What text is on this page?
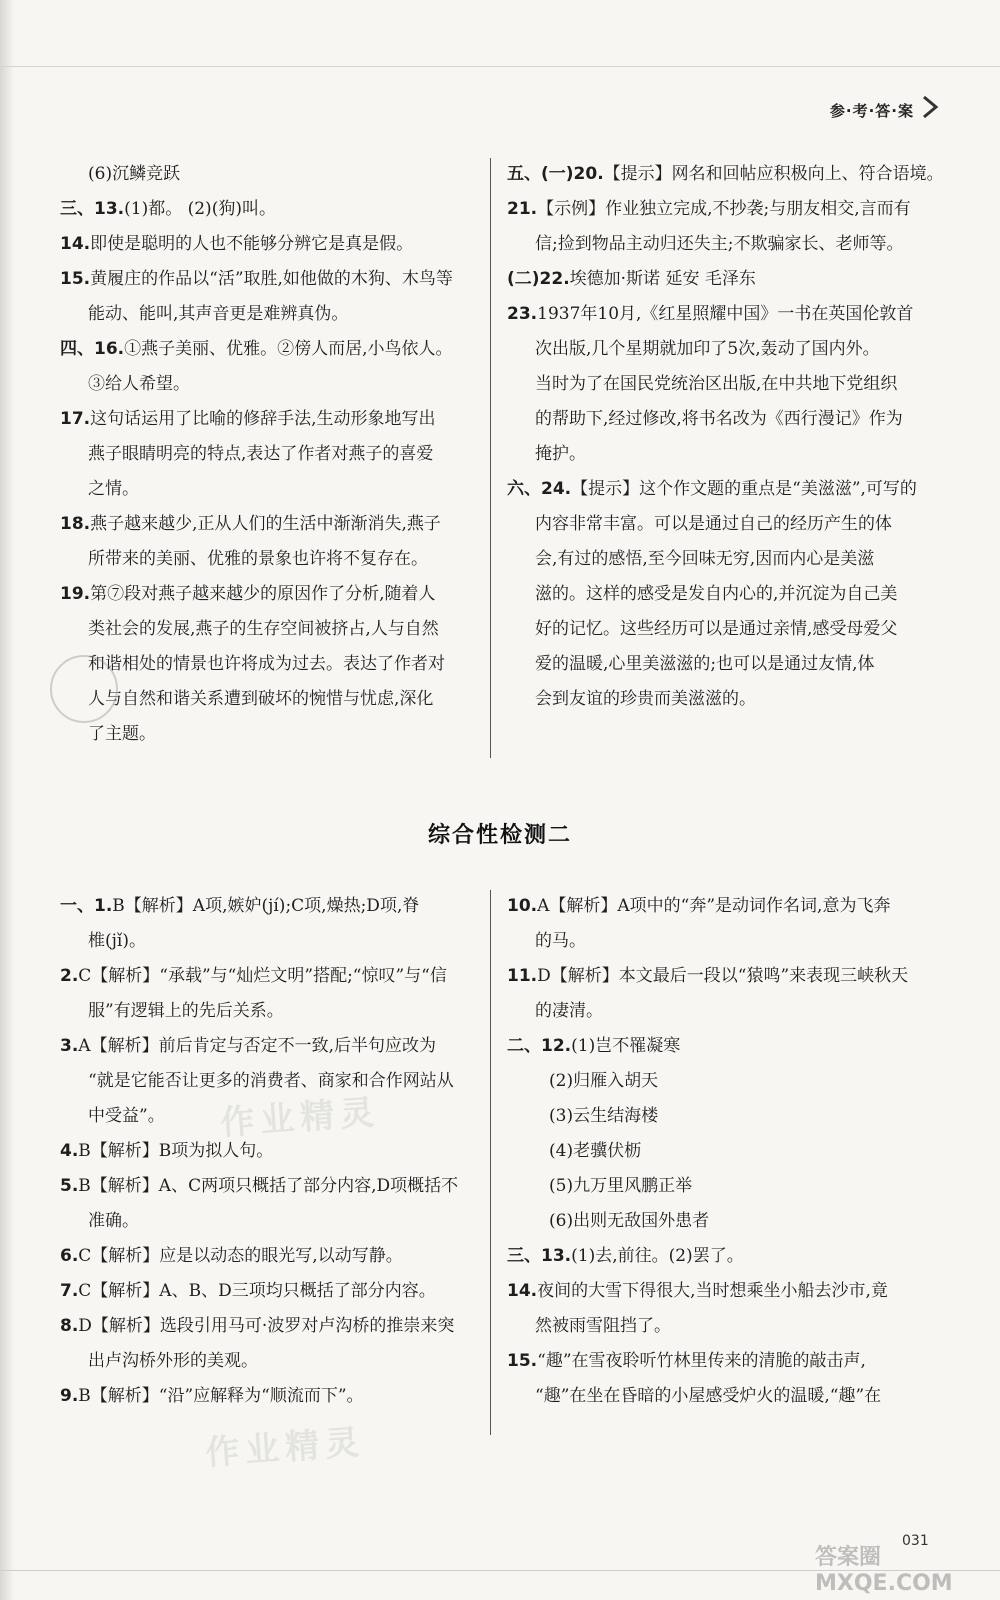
参·考·答·案
(6)沉鳞竞跃
三、13.(1)都。 (2)(狗)叫。
14.即使是聪明的人也不能够分辨它是真是假。
15.黄履庄的作品以“活”取胜,如他做的木狗、木鸟等
能动、能叫,其声音更是难辨真伪。
四、16.①燕子美丽、优雅。②傍人而居,小鸟依人。
③给人希望。
17.这句话运用了比喻的修辞手法,生动形象地写出
燕子眼睛明亮的特点,表达了作者对燕子的喜爱
之情。
18.燕子越来越少,正从人们的生活中渐渐消失,燕子
所带来的美丽、优雅的景象也许将不复存在。
19.第⑦段对燕子越来越少的原因作了分析,随着人
类社会的发展,燕子的生存空间被挤占,人与自然
和谐相处的情景也许将成为过去。表达了作者对
人与自然和谐关系遭到破坏的惋惜与忧虑,深化
了主题。
五、(一)20.【提示】网名和回帖应积极向上、符合语境。
21.【示例】作业独立完成,不抄袭;与朋友相交,言而有
信;捡到物品主动归还失主;不欺骗家长、老师等。
(二)22.埃德加·斯诺 延安 毛泽东
23.1937年10月,《红星照耀中国》一书在英国伦敦首
次出版,几个星期就加印了5次,轰动了国内外。
当时为了在国民党统治区出版,在中共地下党组织
的帮助下,经过修改,将书名改为《西行漫记》作为
掩护。
六、24.【提示】这个作文题的重点是“美滋滋”,可写的
内容非常丰富。可以是通过自己的经历产生的体
会,有过的感悟,至今回味无穷,因而内心是美滋
滋的。这样的感受是发自内心的,并沉淀为自己美
好的记忆。这些经历可以是通过亲情,感受母爱父
爱的温暖,心里美滋滋的;也可以是通过友情,体
会到友谊的珍贵而美滋滋的。
综合性检测二
一、1.B【解析】A项,嫉妒(jí);C项,燥热;D项,脊
椎(jǐ)。
2.C【解析】“承载”与“灿烂文明”搭配;“惊叹”与“信
服”有逻辑上的先后关系。
3.A【解析】前后肯定与否定不一致,后半句应改为
“就是它能否让更多的消费者、商家和合作网站从
中受益”。
4.B【解析】B项为拟人句。
5.B【解析】A、C两项只概括了部分内容,D项概括不
准确。
6.C【解析】应是以动态的眼光写,以动写静。
7.C【解析】A、B、D三项均只概括了部分内容。
8.D【解析】选段引用马可·波罗对卢沟桥的推崇来突
出卢沟桥外形的美观。
9.B【解析】“沿”应解释为“顺流而下”。
10.A【解析】A项中的“奔”是动词作名词,意为飞奔
的马。
11.D【解析】本文最后一段以“猿鸣”来表现三峡秋天
的凄清。
二、12.(1)岂不罹凝寒
(2)归雁入胡天
(3)云生结海楼
(4)老骥伏枥
(5)九万里风鹏正举
(6)出则无敌国外患者
三、13.(1)去,前往。(2)罢了。
14.夜间的大雪下得很大,当时想乘坐小船去沙市,竟
然被雨雪阻挡了。
15.“趣”在雪夜聆听竹林里传来的清脆的敲击声,
“趣”在坐在昏暗的小屋感受炉火的温暖,“趣”在
作业精灵
作业精灵
031
答案圈 MXQE.COM
